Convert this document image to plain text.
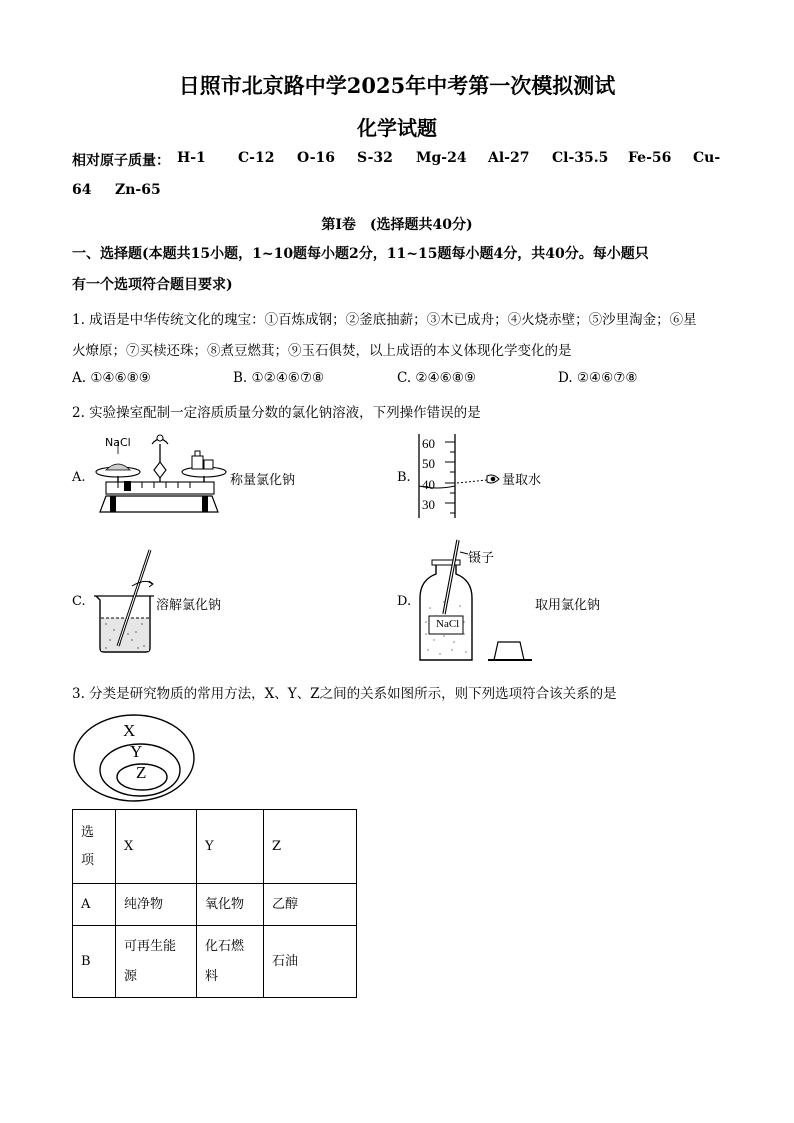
日照市北京路中学2025年中考第一次模拟测试
化学试题
相对原子质量： H-1 C-12 O-16 S-32 Mg-24 Al-27 Cl-35.5 Fe-56 Cu-
64 Zn-65
第Ⅰ卷　(选择题共40分)
一、选择题(本题共15小题，1~10题每小题2分，11~15题每小题4分，共40分。每小题只
有一个选项符合题目要求)
1. 成语是中华传统文化的瑰宝：①百炼成钢；②釜底抽薪；③木已成舟；④火烧赤壁；⑤沙里淘金；⑥星
火燎原；⑦买椟还珠；⑧煮豆燃萁；⑨玉石俱焚，以上成语的本义体现化学变化的是
A. ①④⑥⑧⑨	B. ①②④⑥⑦⑧	C. ②④⑥⑧⑨	D. ②④⑥⑦⑧
2. 实验操室配制一定溶质质量分数的氯化钠溶液，下列操作错误的是
A.
NaCl
称量氯化钠	B.
60
50
40
30
量取水
C.	溶解氯化钠	D.
NaCl
镊子
取用氯化钠
3. 分类是研究物质的常用方法，X、Y、Z之间的关系如图所示，则下列选项符合该关系的是
X
Y
Z
选项	X	Y	Z
A	纯净物	氧化物	乙醇
B	可再生能源	化石燃料	石油
